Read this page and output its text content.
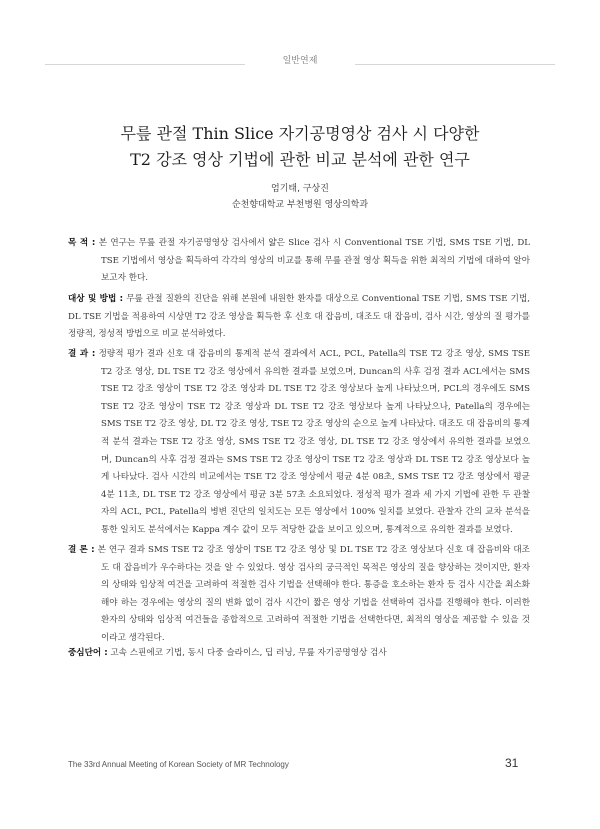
일반연제
무릎 관절 Thin Slice 자기공명영상 검사 시 다양한
T2 강조 영상 기법에 관한 비교 분석에 관한 연구
엄기태, 구상진
순천향대학교 부천병원 영상의학과
목 적 : 본 연구는 무릎 관절 자기공명영상 검사에서 얇은 Slice 검사 시 Conventional TSE 기법, SMS TSE 기법, DL TSE 기법에서 영상을 획득하여 각각의 영상의 비교를 통해 무릎 관절 영상 획득을 위한 최적의 기법에 대하여 알아보고자 한다.
대상 및 방법 : 무릎 관절 질환의 진단을 위해 본원에 내원한 환자를 대상으로 Conventional TSE 기법, SMS TSE 기법, DL TSE 기법을 적용하여 시상면 T2 강조 영상을 획득한 후 신호 대 잡음비, 대조도 대 잡음비, 검사 시간, 영상의 질 평가를 정량적, 정성적 방법으로 비교 분석하였다.
결 과 : 정량적 평가 결과 신호 대 잡음비의 통계적 분석 결과에서 ACL, PCL, Patella의 TSE T2 강조 영상, SMS TSE T2 강조 영상, DL TSE T2 강조 영상에서 유의한 결과를 보였으며, Duncan의 사후 검정 결과 ACL에서는 SMS TSE T2 강조 영상이 TSE T2 강조 영상과 DL TSE T2 강조 영상보다 높게 나타났으며, PCL의 경우에도 SMS TSE T2 강조 영상이 TSE T2 강조 영상과 DL TSE T2 강조 영상보다 높게 나타났으나, Patella의 경우에는 SMS TSE T2 강조 영상, DL T2 강조 영상, TSE T2 강조 영상의 순으로 높게 나타났다. 대조도 대 잡음비의 통계적 분석 결과는 TSE T2 강조 영상, SMS TSE T2 강조 영상, DL TSE T2 강조 영상에서 유의한 결과를 보였으며, Duncan의 사후 검정 결과는 SMS TSE T2 강조 영상이 TSE T2 강조 영상과 DL TSE T2 강조 영상보다 높게 나타났다. 검사 시간의 비교에서는 TSE T2 강조 영상에서 평균 4분 08초, SMS TSE T2 강조 영상에서 평균 4분 11초, DL TSE T2 강조 영상에서 평균 3분 57초 소요되었다. 정성적 평가 결과 세 가지 기법에 관한 두 관찰자의 ACL, PCL, Patella의 병변 진단의 일치도는 모든 영상에서 100% 일치를 보였다. 관찰자 간의 교차 분석을 통한 일치도 분석에서는 Kappa 계수 값이 모두 적당한 값을 보이고 있으며, 통계적으로 유의한 결과를 보였다.
결 론 : 본 연구 결과 SMS TSE T2 강조 영상이 TSE T2 강조 영상 및 DL TSE T2 강조 영상보다 신호 대 잡음비와 대조도 대 잡음비가 우수하다는 것을 알 수 있었다. 영상 검사의 궁극적인 목적은 영상의 질을 향상하는 것이지만, 환자의 상태와 임상적 여건을 고려하여 적절한 검사 기법을 선택해야 한다. 통증을 호소하는 환자 등 검사 시간을 최소화해야 하는 경우에는 영상의 질의 변화 없이 검사 시간이 짧은 영상 기법을 선택하여 검사를 진행해야 한다. 이러한 환자의 상태와 임상적 여건들을 종합적으로 고려하여 적절한 기법을 선택한다면, 최적의 영상을 제공할 수 있을 것이라고 생각된다.
중심단어 : 고속 스핀에코 기법, 동시 다중 슬라이스, 딥 러닝, 무릎 자기공명영상 검사
The 33rd Annual Meeting of Korean Society of MR Technology	31
